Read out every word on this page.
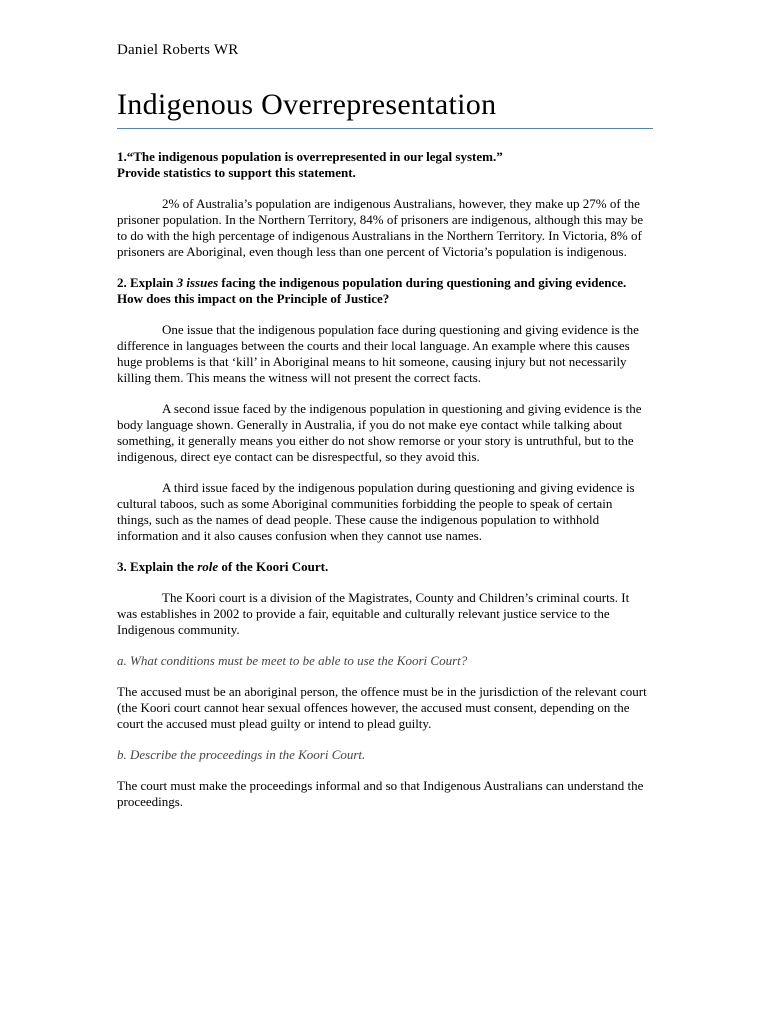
Daniel Roberts WR
Indigenous Overrepresentation

1.“The indigenous population is overrepresented in our legal system.”
Provide statistics to support this statement.

2% of Australia’s population are indigenous Australians, however, they make up 27% of the prisoner population. In the Northern Territory, 84% of prisoners are indigenous, although this may be to do with the high percentage of indigenous Australians in the Northern Territory. In Victoria, 8% of prisoners are Aboriginal, even though less than one percent of Victoria’s population is indigenous.

2. Explain 3 issues facing the indigenous population during questioning and giving evidence. How does this impact on the Principle of Justice?

One issue that the indigenous population face during questioning and giving evidence is the difference in languages between the courts and their local language. An example where this causes huge problems is that ‘kill’ in Aboriginal means to hit someone, causing injury but not necessarily killing them. This means the witness will not present the correct facts.

A second issue faced by the indigenous population in questioning and giving evidence is the body language shown. Generally in Australia, if you do not make eye contact while talking about something, it generally means you either do not show remorse or your story is untruthful, but to the indigenous, direct eye contact can be disrespectful, so they avoid this.

A third issue faced by the indigenous population during questioning and giving evidence is cultural taboos, such as some Aboriginal communities forbidding the people to speak of certain things, such as the names of dead people. These cause the indigenous population to withhold information and it also causes confusion when they cannot use names.

3. Explain the role of the Koori Court.

The Koori court is a division of the Magistrates, County and Children’s criminal courts. It was establishes in 2002 to provide a fair, equitable and culturally relevant justice service to the Indigenous community.

a. What conditions must be meet to be able to use the Koori Court?

The accused must be an aboriginal person, the offence must be in the jurisdiction of the relevant court (the Koori court cannot hear sexual offences however, the accused must consent, depending on the court the accused must plead guilty or intend to plead guilty.

b. Describe the proceedings in the Koori Court.

The court must make the proceedings informal and so that Indigenous Australians can understand the proceedings.
